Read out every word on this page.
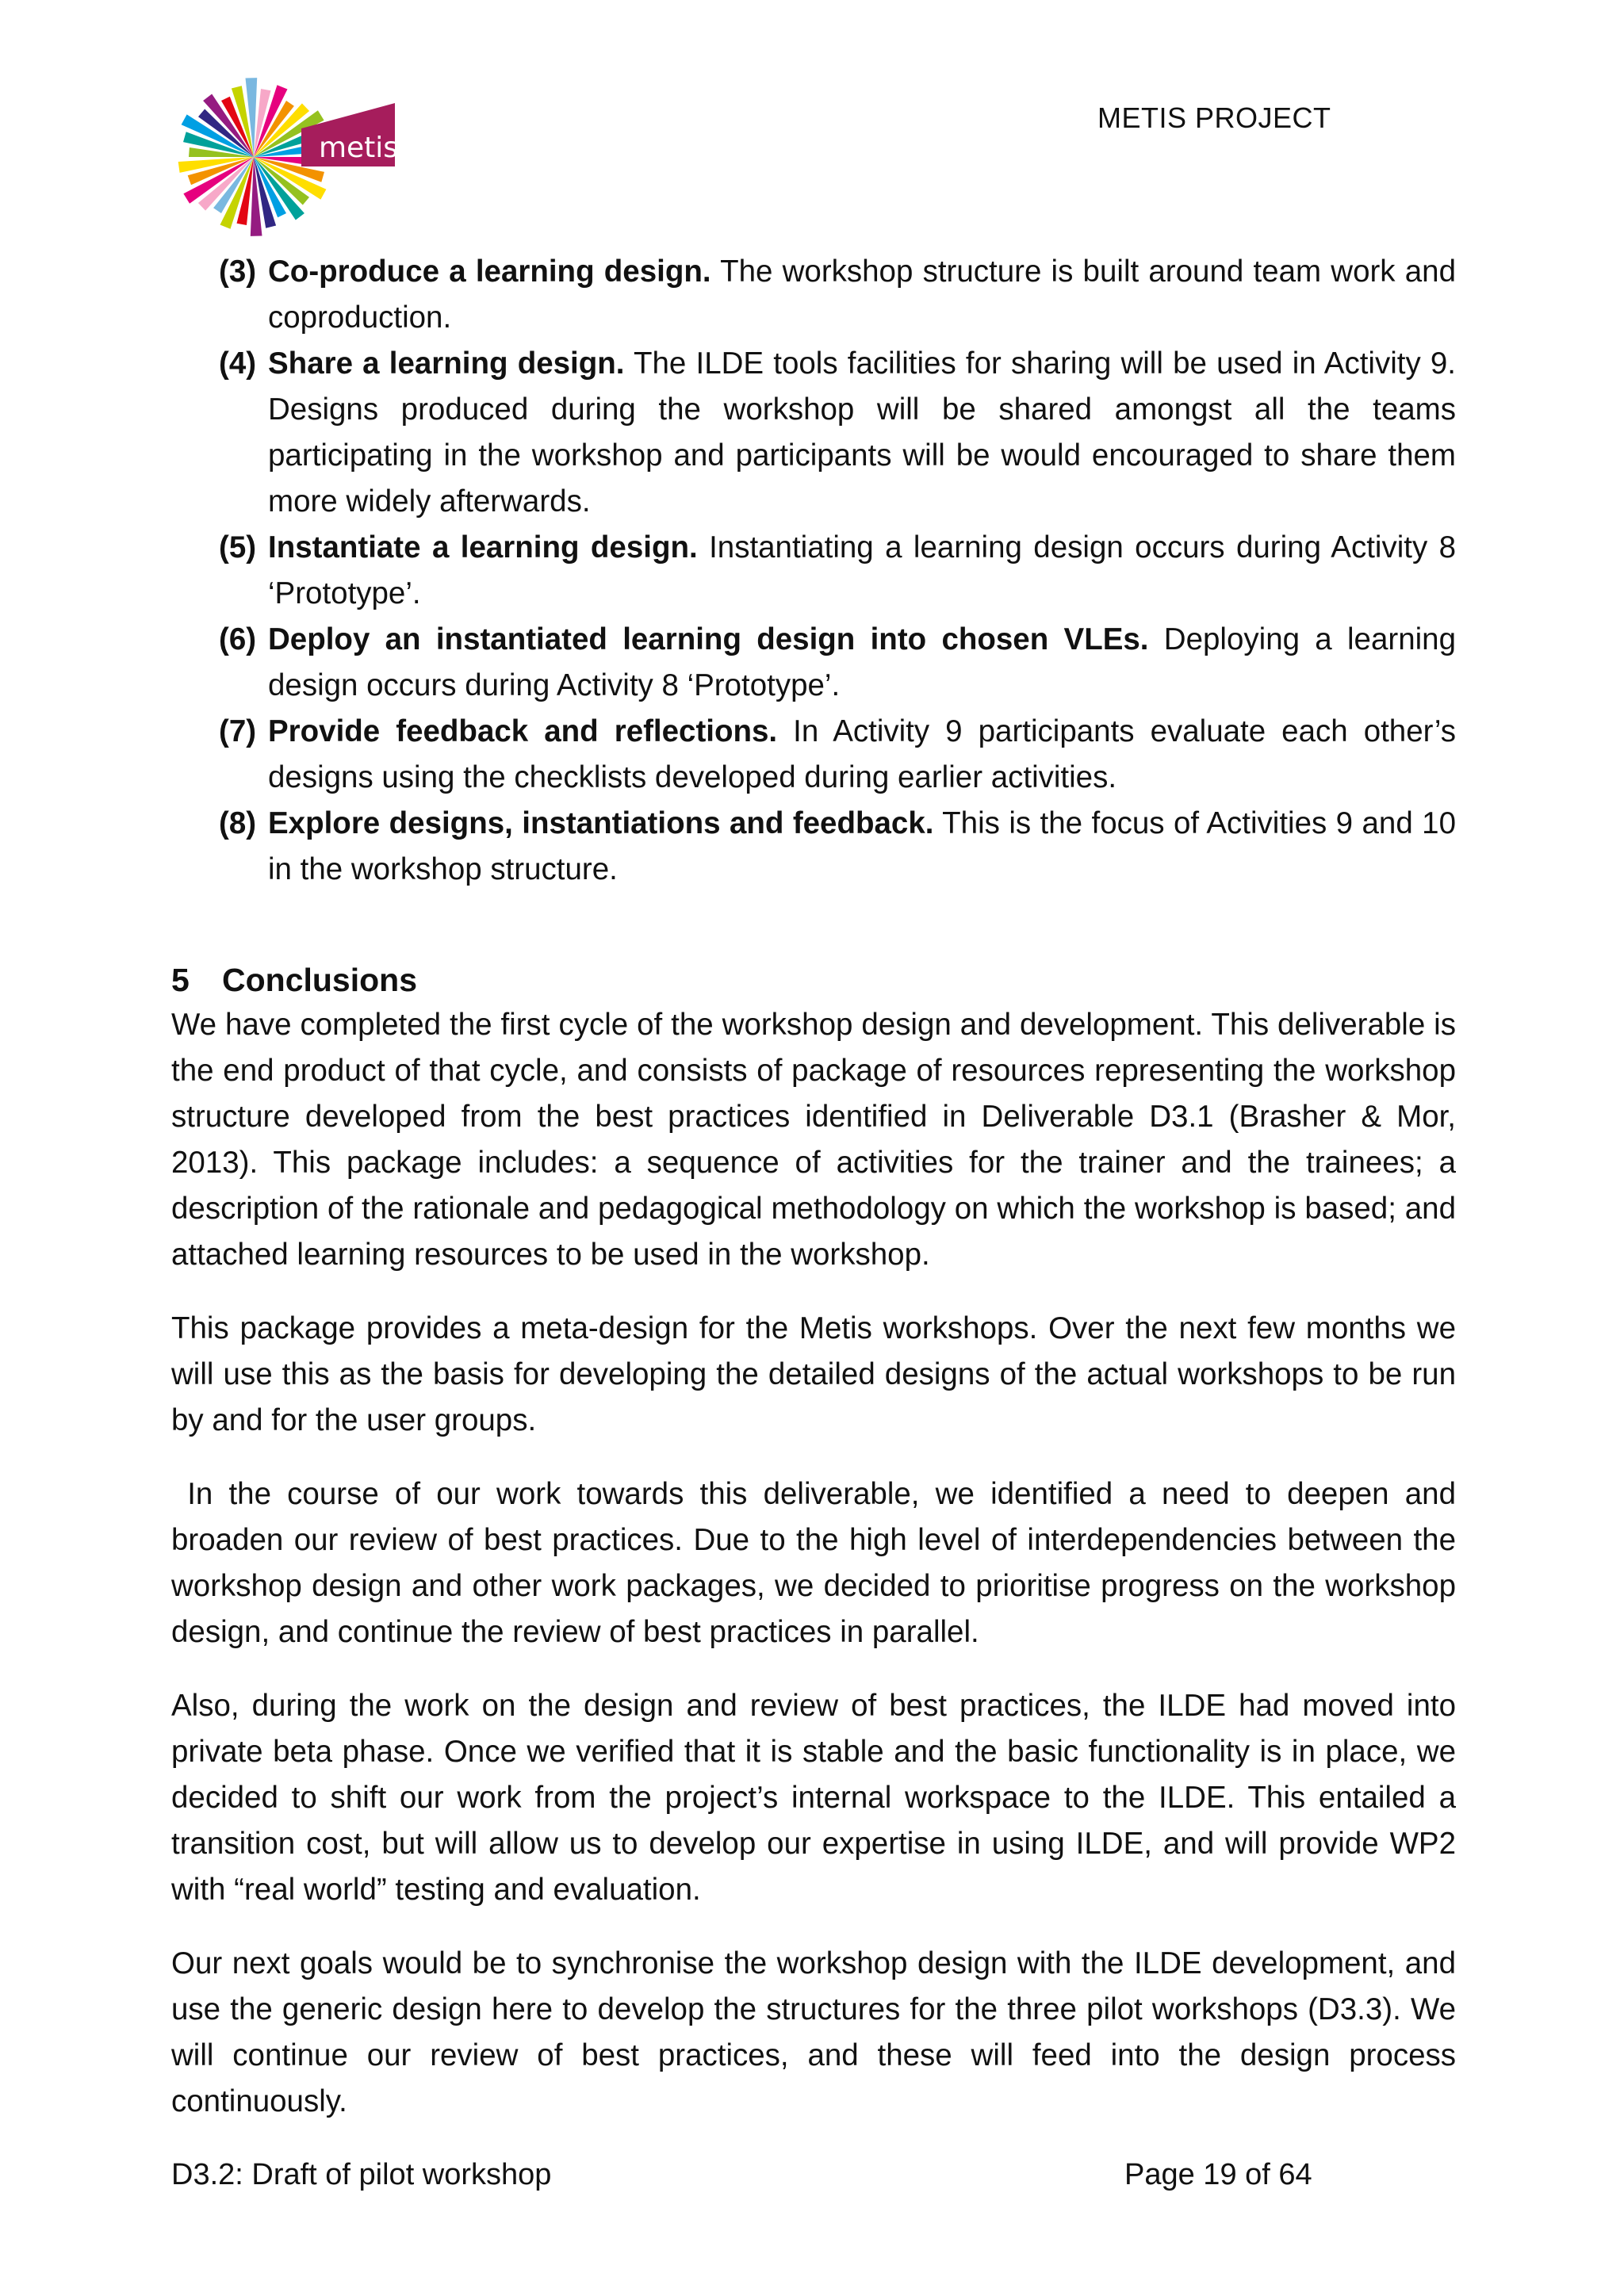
metis
METIS PROJECT
(3) Co-produce a learning design. The workshop structure is built around team work and coproduction.
(4) Share a learning design. The ILDE tools facilities for sharing will be used in Activity 9. Designs produced during the workshop will be shared amongst all the teams participating in the workshop and participants will be would encouraged to share them more widely afterwards.
(5) Instantiate a learning design. Instantiating a learning design occurs during Activity 8 ‘Prototype’.
(6) Deploy an instantiated learning design into chosen VLEs. Deploying a learning design occurs during Activity 8 ‘Prototype’.
(7) Provide feedback and reflections. In Activity 9 participants evaluate each other’s designs using the checklists developed during earlier activities.
(8) Explore designs, instantiations and feedback. This is the focus of Activities 9 and 10 in the workshop structure.
5 Conclusions

We have completed the first cycle of the workshop design and development. This deliverable is the end product of that cycle, and consists of package of resources representing the workshop structure developed from the best practices identified in Deliverable D3.1 (Brasher & Mor, 2013). This package includes: a sequence of activities for the trainer and the trainees; a description of the rationale and pedagogical methodology on which the workshop is based; and attached learning resources to be used in the workshop.

This package provides a meta-design for the Metis workshops. Over the next few months we will use this as the basis for developing the detailed designs of the actual workshops to be run by and for the user groups.

In the course of our work towards this deliverable, we identified a need to deepen and broaden our review of best practices. Due to the high level of interdependencies between the workshop design and other work packages, we decided to prioritise progress on the workshop design, and continue the review of best practices in parallel.

Also, during the work on the design and review of best practices, the ILDE had moved into private beta phase. Once we verified that it is stable and the basic functionality is in place, we decided to shift our work from the project’s internal workspace to the ILDE. This entailed a transition cost, but will allow us to develop our expertise in using ILDE, and will provide WP2 with “real world” testing and evaluation.

Our next goals would be to synchronise the workshop design with the ILDE development, and use the generic design here to develop the structures for the three pilot workshops (D3.3). We will continue our review of best practices, and these will feed into the design process continuously.

D3.2: Draft of pilot workshop	Page 19 of 64
